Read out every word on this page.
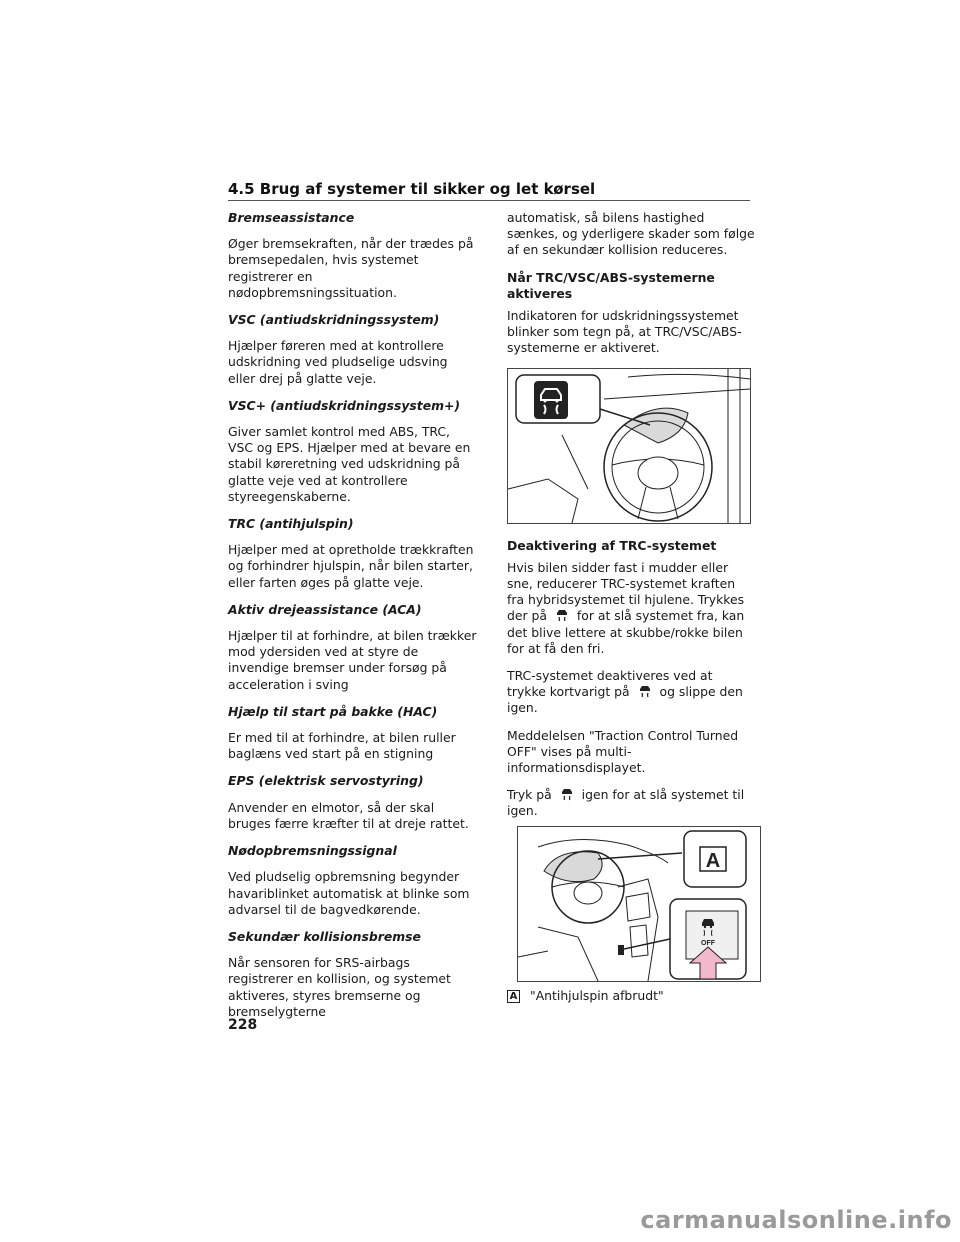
4.5 Brug af systemer til sikker og let kørsel
Bremseassistance

Øger bremsekraften, når der trædes på bremsepedalen, hvis systemet registrerer en nødopbremsningssituation.

VSC (antiudskridningssystem)

Hjælper føreren med at kontrollere udskridning ved pludselige udsving eller drej på glatte veje.

VSC+ (antiudskridningssystem+)

Giver samlet kontrol med ABS, TRC, VSC og EPS. Hjælper med at bevare en stabil køreretning ved udskridning på glatte veje ved at kontrollere styreegenskaberne.

TRC (antihjulspin)

Hjælper med at opretholde trækkraften og forhindrer hjulspin, når bilen starter, eller farten øges på glatte veje.

Aktiv drejeassistance (ACA)

Hjælper til at forhindre, at bilen trækker mod ydersiden ved at styre de invendige bremser under forsøg på acceleration i sving

Hjælp til start på bakke (HAC)

Er med til at forhindre, at bilen ruller baglæns ved start på en stigning

EPS (elektrisk servostyring)

Anvender en elmotor, så der skal bruges færre kræfter til at dreje rattet.

Nødopbremsningssignal

Ved pludselig opbremsning begynder havariblinket automatisk at blinke som advarsel til de bagvedkørende.

Sekundær kollisionsbremse

Når sensoren for SRS-airbags registrerer en kollision, og systemet aktiveres, styres bremserne og bremselygterne

automatisk, så bilens hastighed sænkes, og yderligere skader som følge af en sekundær kollision reduceres.

Når TRC/VSC/ABS-systemerne aktiveres

Indikatoren for udskridningssystemet blinker som tegn på, at TRC/VSC/ABS-systemerne er aktiveret.

Deaktivering af TRC-systemet

Hvis bilen sidder fast i mudder eller sne, reducerer TRC-systemet kraften fra hybridsystemet til hjulene. Trykkes der på for at slå systemet fra, kan det blive lettere at skubbe/rokke bilen for at få den fri.

TRC-systemet deaktiveres ved at trykke kortvarigt på og slippe den igen.

Meddelelsen "Traction Control Turned OFF" vises på multi-informationsdisplayet.

Tryk på igen for at slå systemet til igen.

A
OFF
A "Antihjulspin afbrudt"
228
carmanualsonline.info
